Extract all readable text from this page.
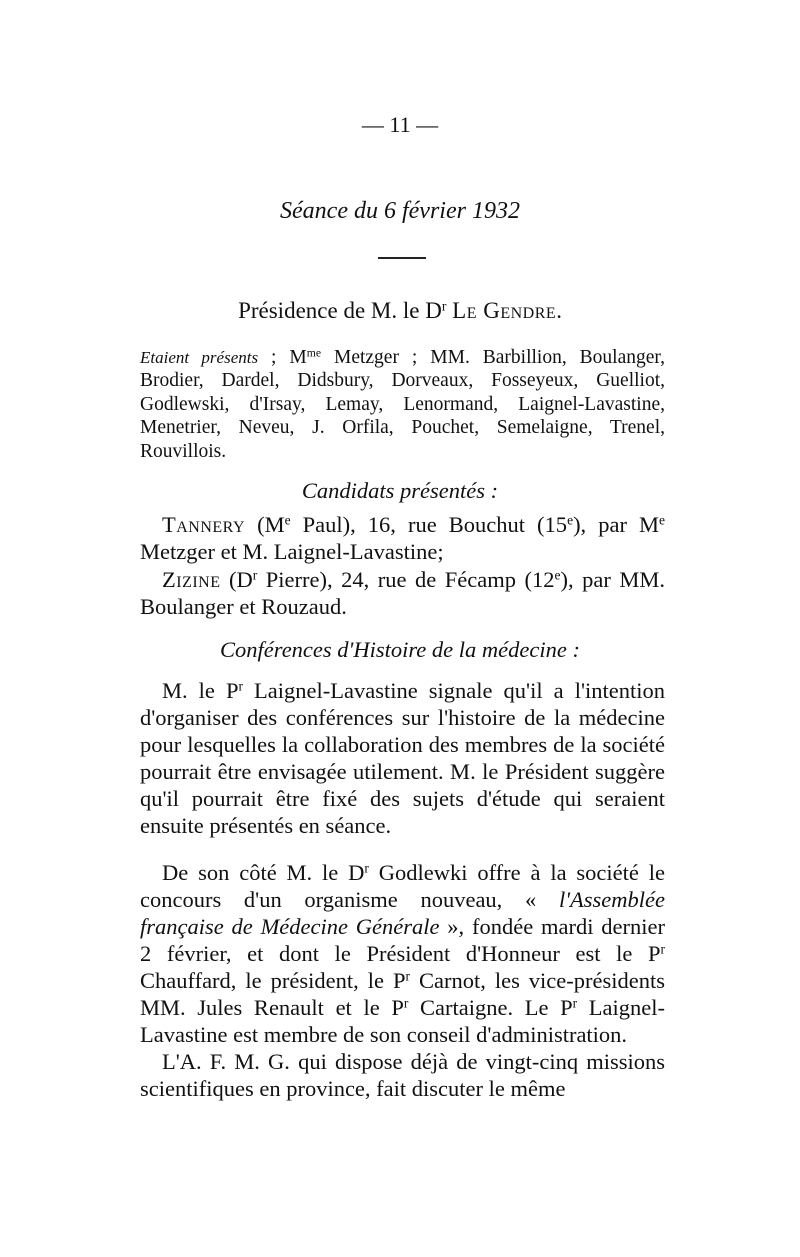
— 11 —
Séance du 6 février 1932
Présidence de M. le $D^r$ Le Gendre.
Etaient présents ; $M^{me}$ Metzger ; MM. Barbillion, Boulanger, Brodier, Dardel, Didsbury, Dorveaux, Fosseyeux, Guelliot, Godlewski, d'Irsay, Lemay, Lenormand, Laignel-Lavastine, Menetrier, Neveu, J. Orfila, Pouchet, Semelaigne, Trenel, Rouvillois.
Candidats présentés :
Tannery (Me Paul), 16, rue Bouchut (15e), par Me Metzger et M. Laignel-Lavastine;
Zizine ($D^r$ Pierre), 24, rue de Fécamp (12e), par MM. Boulanger et Rouzaud.
Conférences d'Histoire de la médecine :
M. le $P^r$ Laignel-Lavastine signale qu'il a l'intention d'organiser des conférences sur l'histoire de la médecine pour lesquelles la collaboration des membres de la société pourrait être envisagée utilement. M. le Président suggère qu'il pourrait être fixé des sujets d'étude qui seraient ensuite présentés en séance.
De son côté M. le $D^r$ Godlewki offre à la société le concours d'un organisme nouveau, « l'Assemblée française de Médecine Générale », fondée mardi dernier 2 février, et dont le Président d'Honneur est le $P^r$ Chauffard, le président, le $P^r$ Carnot, les vice-présidents MM. Jules Renault et le $P^r$ Cartaigne. Le $P^r$ Laignel-Lavastine est membre de son conseil d'administration.
L'A. F. M. G. qui dispose déjà de vingt-cinq missions scientifiques en province, fait discuter le même
